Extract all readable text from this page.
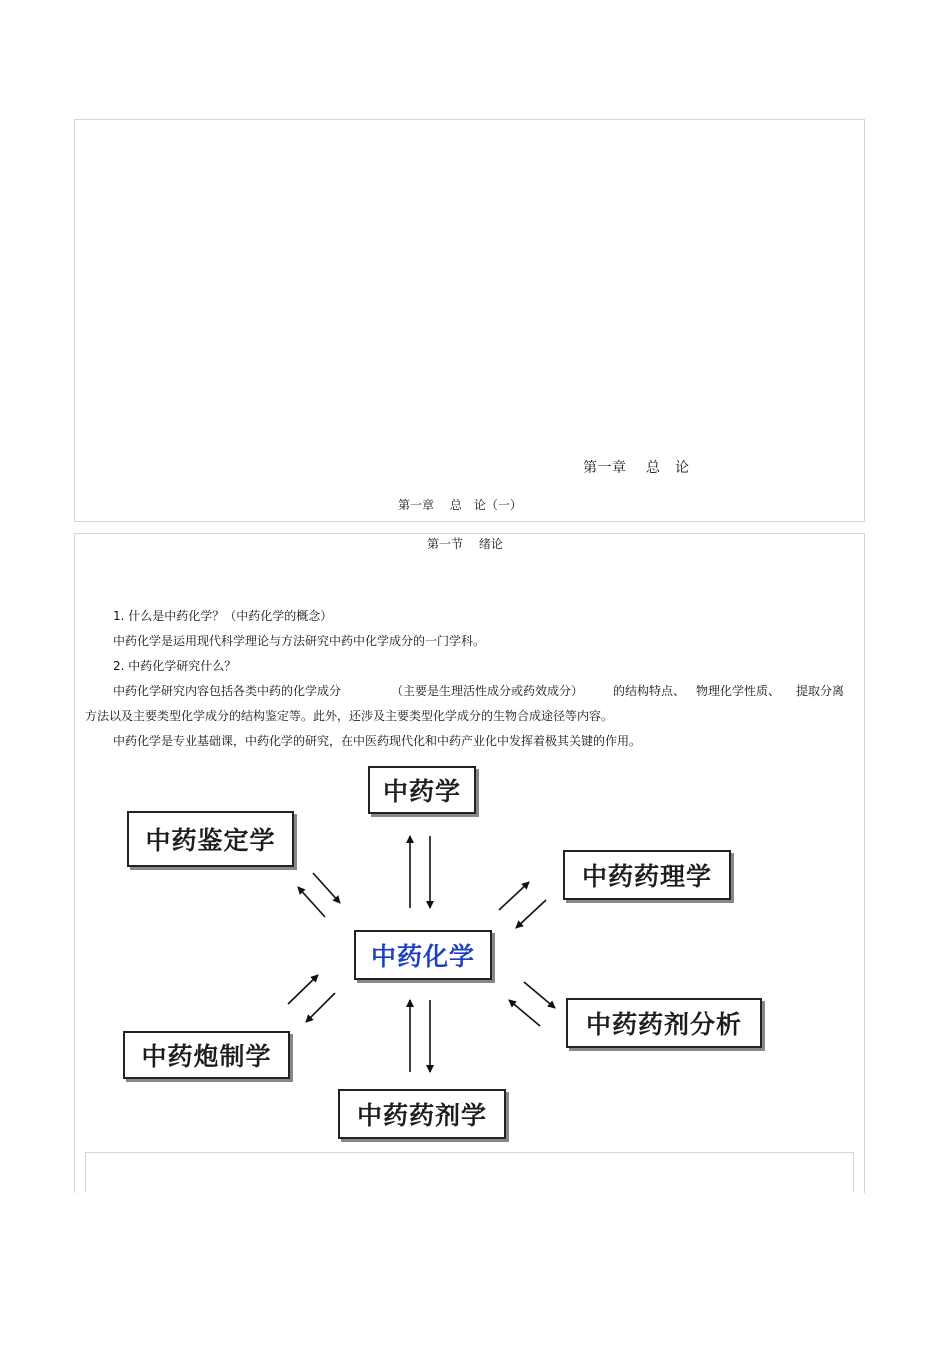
第一章　 总　论
第一章　 总　论（一）
第一节　 绪论
1. 什么是中药化学？（中药化学的概念）
中药化学是运用现代科学理论与方法研究中药中化学成分的一门学科。
2. 中药化学研究什么？
中药化学研究内容包括各类中药的化学成分	（主要是生理活性成分或药效成分） 的结构特点、 物理化学性质、 提取分离
方法以及主要类型化学成分的结构鉴定等。此外，还涉及主要类型化学成分的生物合成途径等内容。
中药化学是专业基础课，中药化学的研究，在中医药现代化和中药产业化中发挥着极其关键的作用。
中药学
中药鉴定学
中药药理学
中药化学
中药炮制学
中药药剂分析
中药药剂学
